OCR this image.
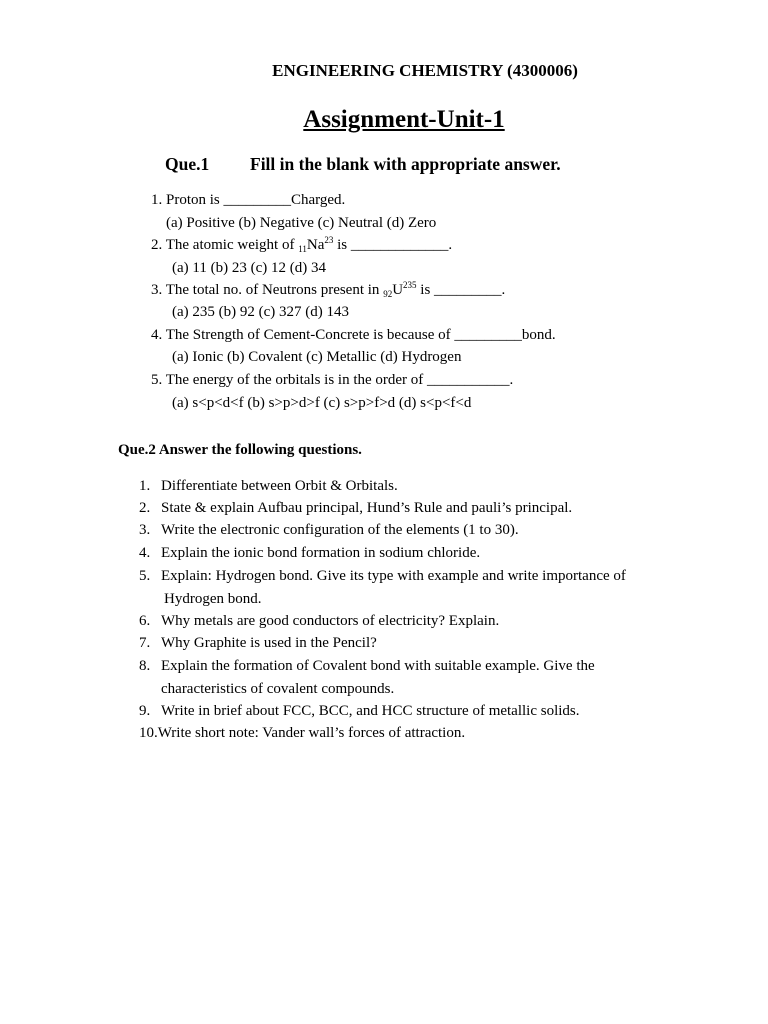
ENGINEERING CHEMISTRY (4300006)
Assignment-Unit-1
Que.1 Fill in the blank with appropriate answer.
1. Proton is _________Charged.
(a) Positive (b) Negative (c) Neutral (d) Zero
2. The atomic weight of $_{11}Na^{23}$ is _____________.
(a) 11 (b) 23 (c) 12 (d) 34
3. The total no. of Neutrons present in $_{92}U^{235}$ is _________.
(a) 235 (b) 92 (c) 327 (d) 143
4. The Strength of Cement-Concrete is because of _________bond.
(a) Ionic (b) Covalent (c) Metallic (d) Hydrogen
5. The energy of the orbitals is in the order of ___________.
(a) s<p<d<f (b) s>p>d>f (c) s>p>f>d (d) s<p<f<d
Que.2 Answer the following questions.
1. Differentiate between Orbit & Orbitals.
2. State & explain Aufbau principal, Hund’s Rule and pauli’s principal.
3. Write the electronic configuration of the elements (1 to 30).
4. Explain the ionic bond formation in sodium chloride.
5. Explain: Hydrogen bond. Give its type with example and write importance of
Hydrogen bond.
6. Why metals are good conductors of electricity? Explain.
7. Why Graphite is used in the Pencil?
8. Explain the formation of Covalent bond with suitable example. Give the
characteristics of covalent compounds.
9. Write in brief about FCC, BCC, and HCC structure of metallic solids.
10.Write short note: Vander wall’s forces of attraction.
